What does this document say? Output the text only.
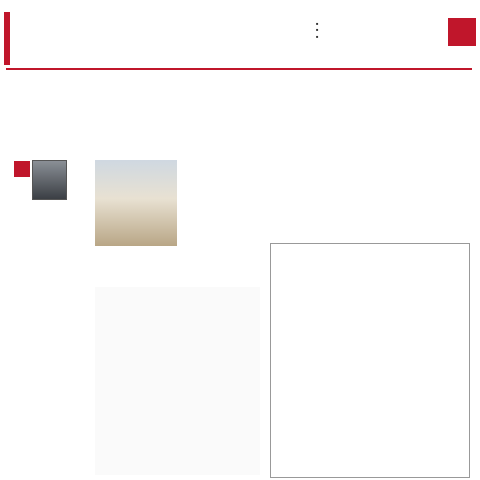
■
■
■
